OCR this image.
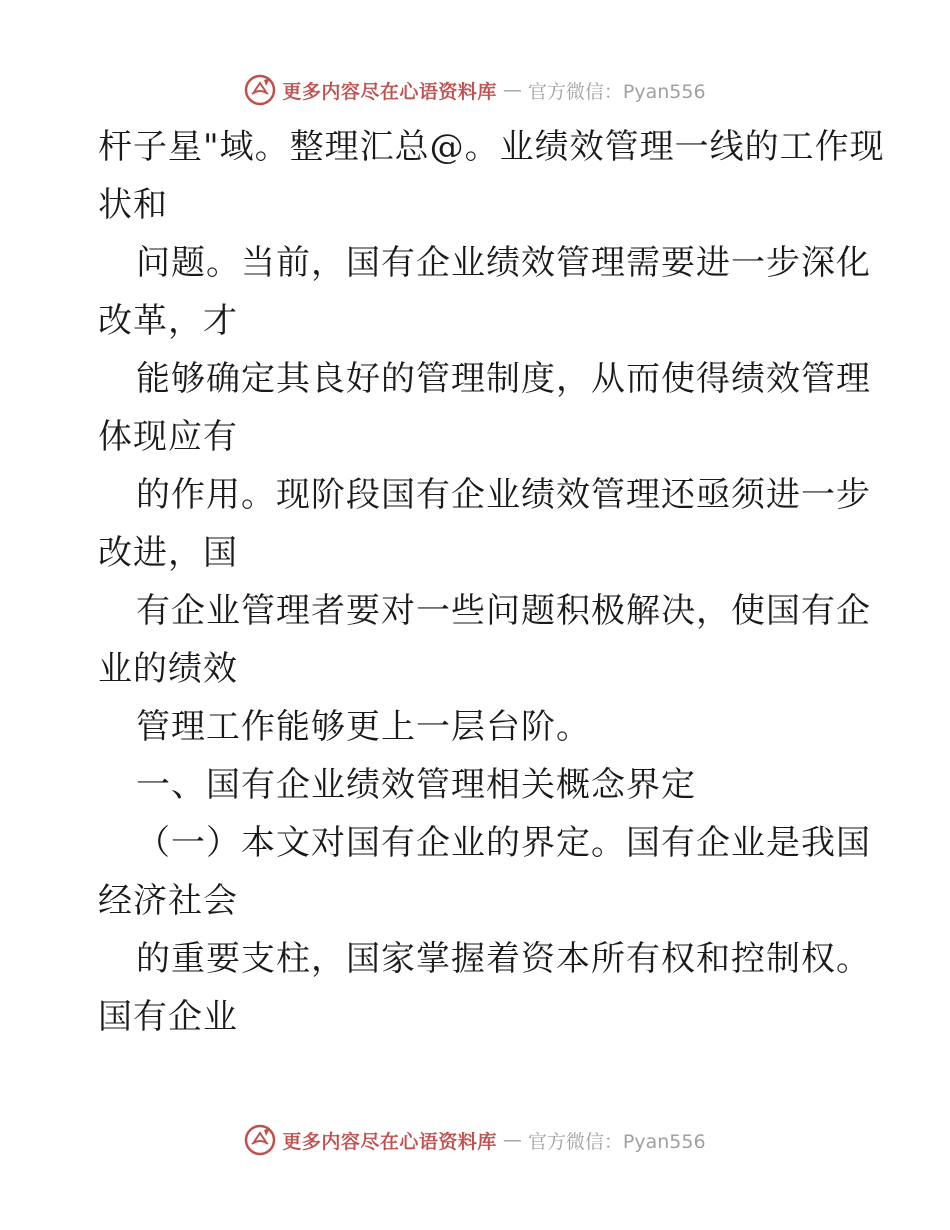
更多内容尽在心语资料库 — 官方微信：Pyan556
杆子星"域。整理汇总@。业绩效管理一线的工作现
状和
问题。当前，国有企业绩效管理需要进一步深化
改革，才
能够确定其良好的管理制度，从而使得绩效管理
体现应有
的作用。现阶段国有企业绩效管理还亟须进一步
改进，国
有企业管理者要对一些问题积极解决，使国有企
业的绩效
管理工作能够更上一层台阶。
一、国有企业绩效管理相关概念界定
（一）本文对国有企业的界定。国有企业是我国
经济社会
的重要支柱，国家掌握着资本所有权和控制权。
国有企业
更多内容尽在心语资料库 — 官方微信：Pyan556
